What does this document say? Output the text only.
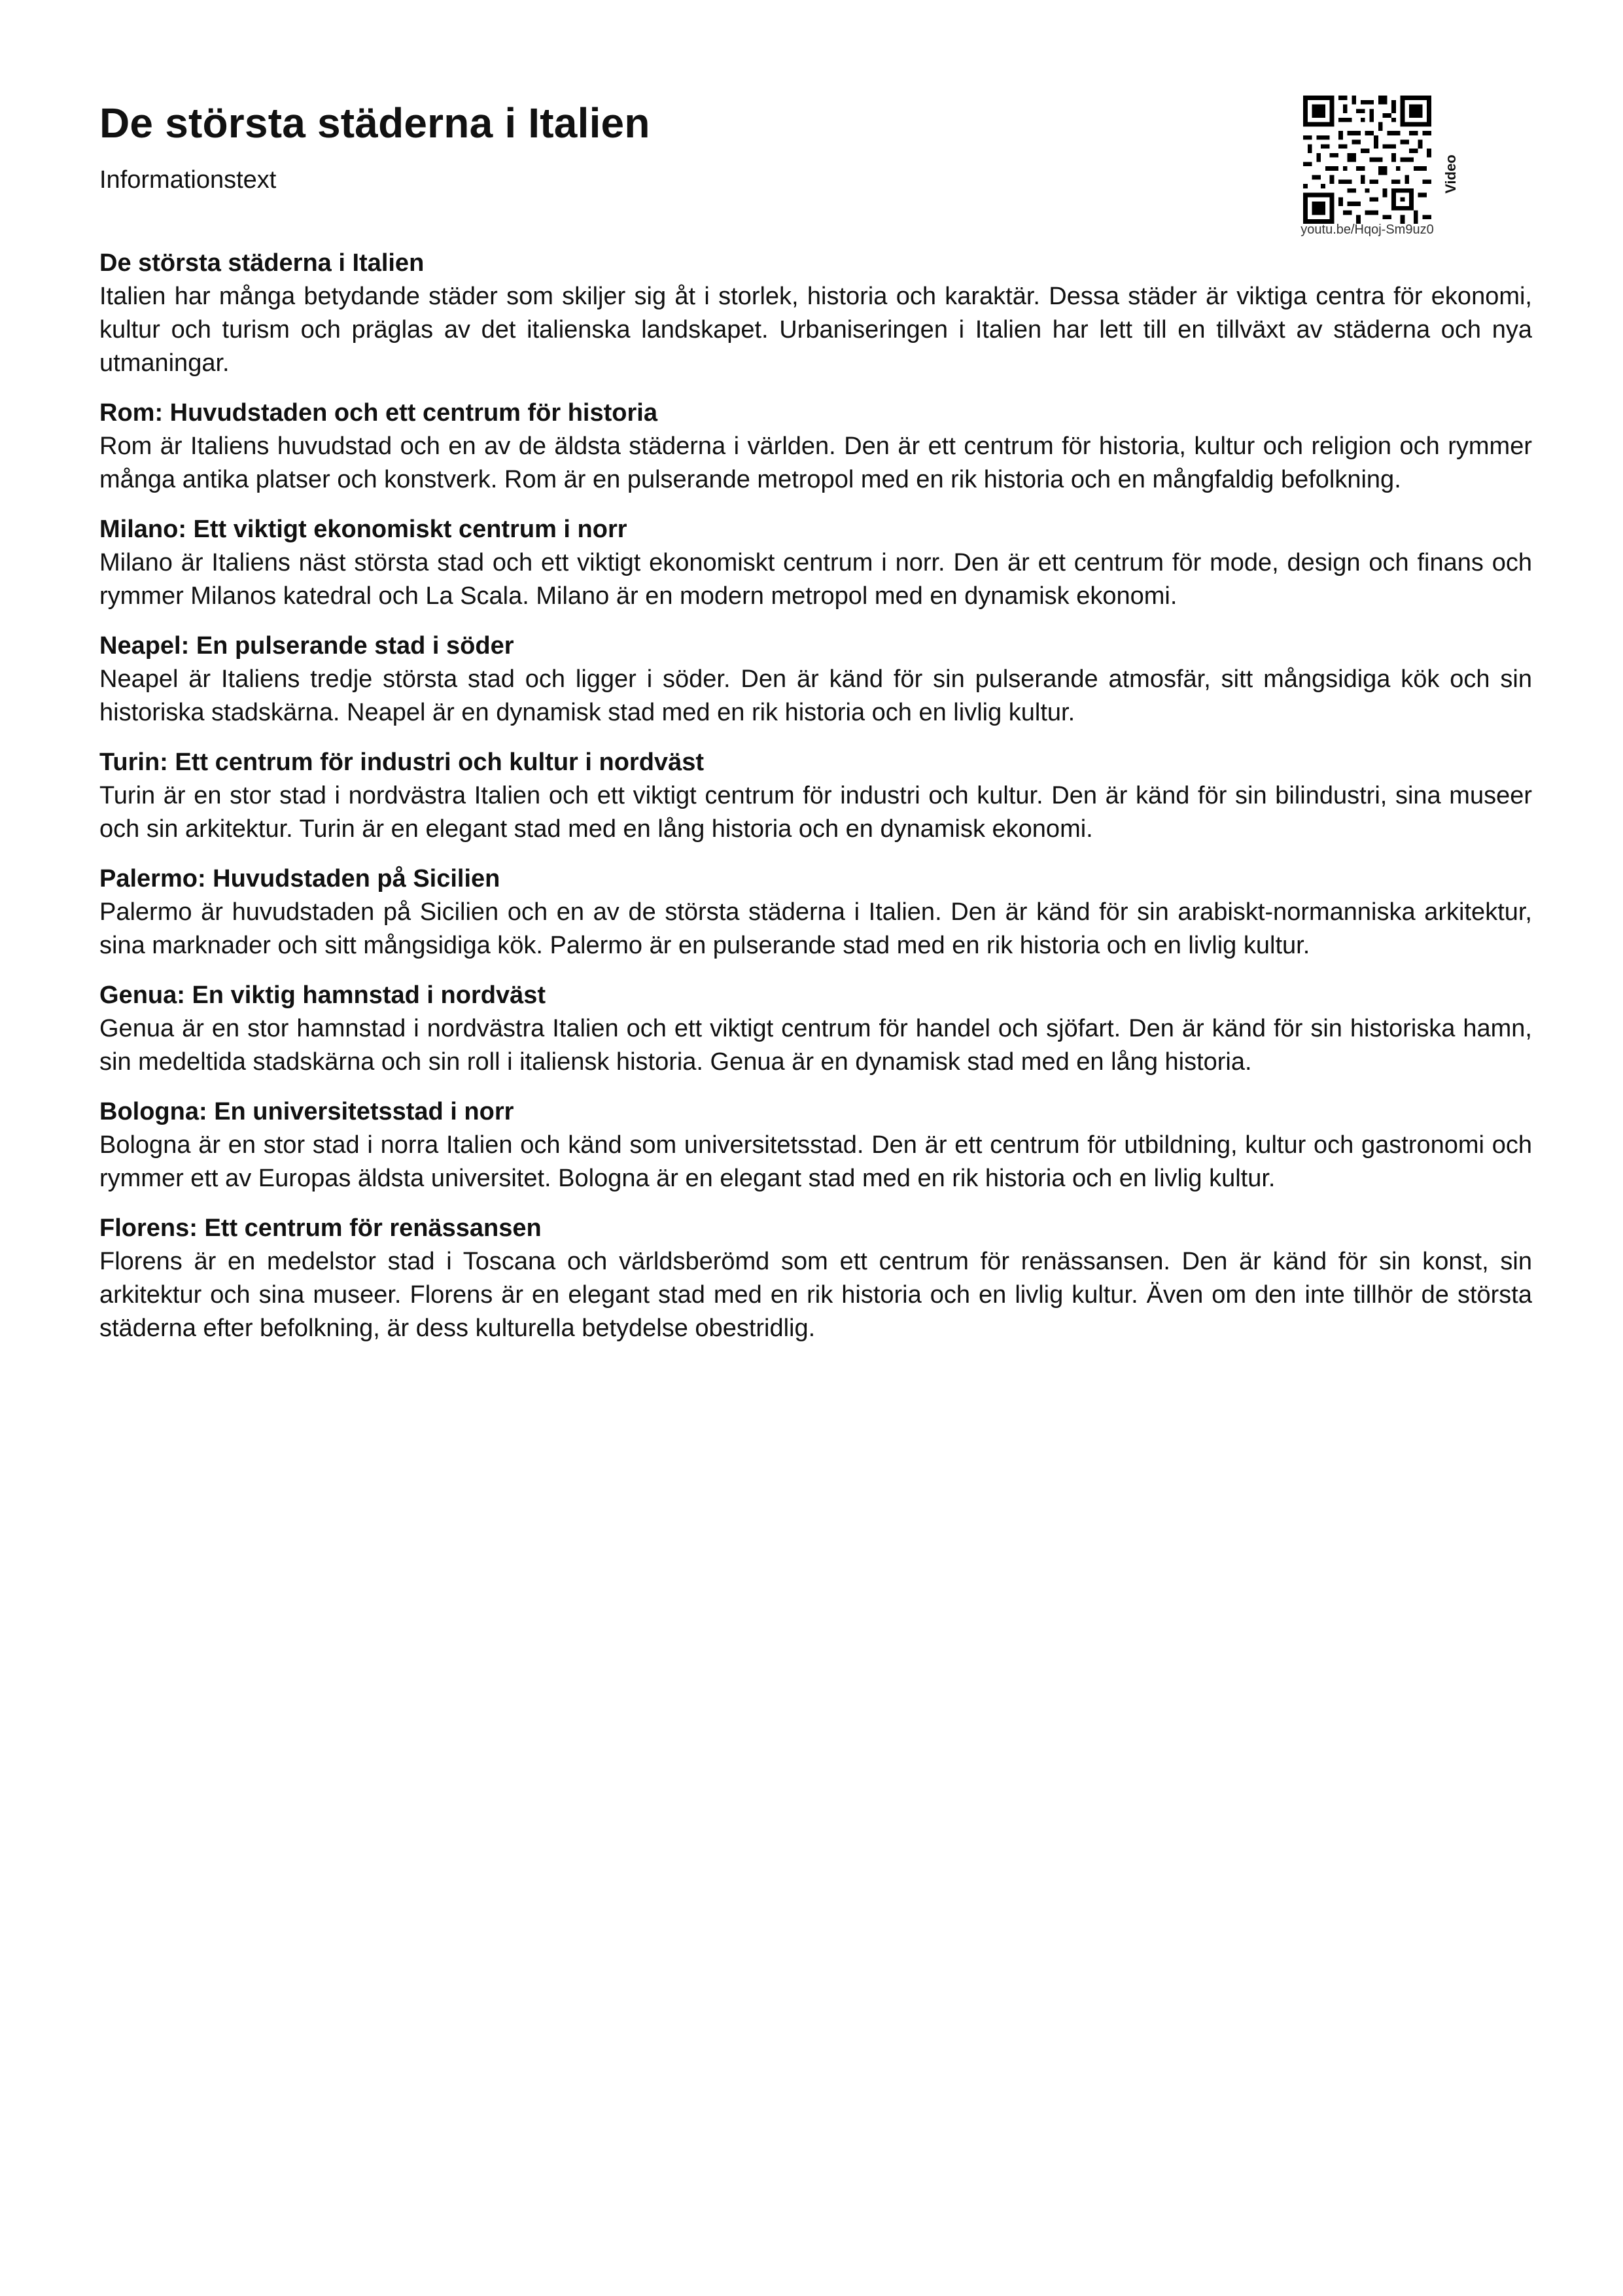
De största städerna i Italien
Informationstext
youtu.be/Hqoj-Sm9uz0
Video
De största städerna i Italien

Italien har många betydande städer som skiljer sig åt i storlek, historia och karaktär. Dessa städer är viktiga centra för ekonomi, kultur och turism och präglas av det italienska landskapet. Urbaniseringen i Italien har lett till en tillväxt av städerna och nya utmaningar.

Rom: Huvudstaden och ett centrum för historia

Rom är Italiens huvudstad och en av de äldsta städerna i världen. Den är ett centrum för historia, kultur och religion och rymmer många antika platser och konstverk. Rom är en pulserande metropol med en rik historia och en mångfaldig befolkning.

Milano: Ett viktigt ekonomiskt centrum i norr

Milano är Italiens näst största stad och ett viktigt ekonomiskt centrum i norr. Den är ett centrum för mode, design och finans och rymmer Milanos katedral och La Scala. Milano är en modern metropol med en dynamisk ekonomi.

Neapel: En pulserande stad i söder

Neapel är Italiens tredje största stad och ligger i söder. Den är känd för sin pulserande atmosfär, sitt mångsidiga kök och sin historiska stadskärna. Neapel är en dynamisk stad med en rik historia och en livlig kultur.

Turin: Ett centrum för industri och kultur i nordväst

Turin är en stor stad i nordvästra Italien och ett viktigt centrum för industri och kultur. Den är känd för sin bilindustri, sina museer och sin arkitektur. Turin är en elegant stad med en lång historia och en dynamisk ekonomi.

Palermo: Huvudstaden på Sicilien

Palermo är huvudstaden på Sicilien och en av de största städerna i Italien. Den är känd för sin arabiskt-normanniska arkitektur, sina marknader och sitt mångsidiga kök. Palermo är en pulserande stad med en rik historia och en livlig kultur.

Genua: En viktig hamnstad i nordväst

Genua är en stor hamnstad i nordvästra Italien och ett viktigt centrum för handel och sjöfart. Den är känd för sin historiska hamn, sin medeltida stadskärna och sin roll i italiensk historia. Genua är en dynamisk stad med en lång historia.

Bologna: En universitetsstad i norr

Bologna är en stor stad i norra Italien och känd som universitetsstad. Den är ett centrum för utbildning, kultur och gastronomi och rymmer ett av Europas äldsta universitet. Bologna är en elegant stad med en rik historia och en livlig kultur.

Florens: Ett centrum för renässansen

Florens är en medelstor stad i Toscana och världsberömd som ett centrum för renässansen. Den är känd för sin konst, sin arkitektur och sina museer. Florens är en elegant stad med en rik historia och en livlig kultur. Även om den inte tillhör de största städerna efter befolkning, är dess kulturella betydelse obestridlig.
